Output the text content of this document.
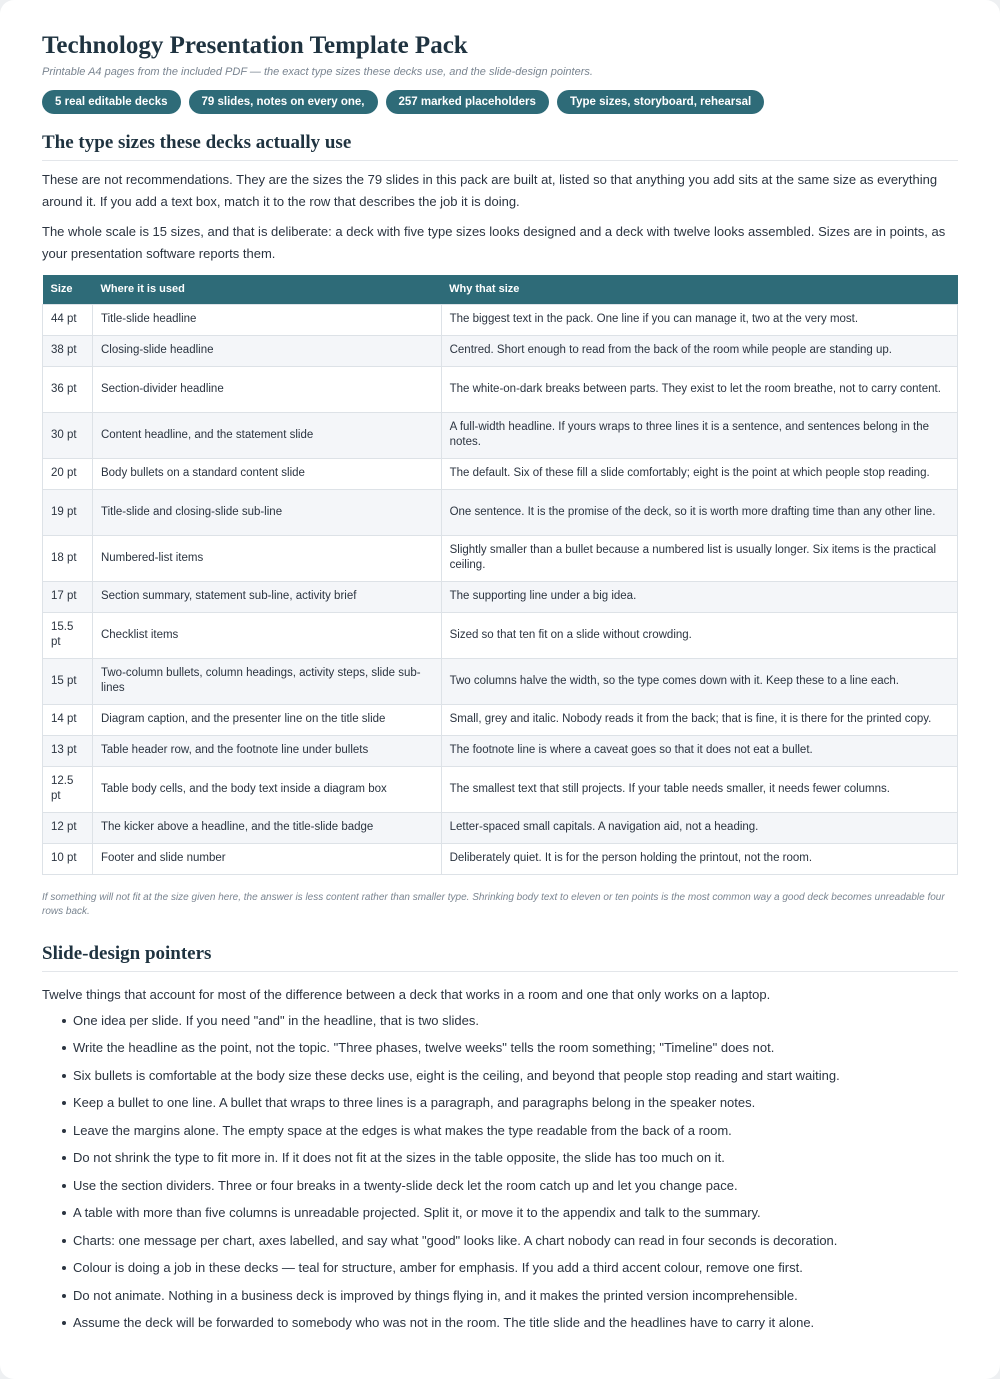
Technology Presentation Template Pack
Printable A4 pages from the included PDF — the exact type sizes these decks use, and the slide-design pointers.
5 real editable decks	79 slides, notes on every one,	257 marked placeholders	Type sizes, storyboard, rehearsal
The type sizes these decks actually use

These are not recommendations. They are the sizes the 79 slides in this pack are built at, listed so that anything you add sits at the same size as everything around it. If you add a text box, match it to the row that describes the job it is doing.

The whole scale is 15 sizes, and that is deliberate: a deck with five type sizes looks designed and a deck with twelve looks assembled. Sizes are in points, as your presentation software reports them.

Size	Where it is used	Why that size
44 pt	Title-slide headline	The biggest text in the pack. One line if you can manage it, two at the very most.
38 pt	Closing-slide headline	Centred. Short enough to read from the back of the room while people are standing up.
36 pt	Section-divider headline	The white-on-dark breaks between parts. They exist to let the room breathe, not to carry content.
30 pt	Content headline, and the statement slide	A full-width headline. If yours wraps to three lines it is a sentence, and sentences belong in the notes.
20 pt	Body bullets on a standard content slide	The default. Six of these fill a slide comfortably; eight is the point at which people stop reading.
19 pt	Title-slide and closing-slide sub-line	One sentence. It is the promise of the deck, so it is worth more drafting time than any other line.
18 pt	Numbered-list items	Slightly smaller than a bullet because a numbered list is usually longer. Six items is the practical ceiling.
17 pt	Section summary, statement sub-line, activity brief	The supporting line under a big idea.
15.5 pt	Checklist items	Sized so that ten fit on a slide without crowding.
15 pt	Two-column bullets, column headings, activity steps, slide sub-lines	Two columns halve the width, so the type comes down with it. Keep these to a line each.
14 pt	Diagram caption, and the presenter line on the title slide	Small, grey and italic. Nobody reads it from the back; that is fine, it is there for the printed copy.
13 pt	Table header row, and the footnote line under bullets	The footnote line is where a caveat goes so that it does not eat a bullet.
12.5 pt	Table body cells, and the body text inside a diagram box	The smallest text that still projects. If your table needs smaller, it needs fewer columns.
12 pt	The kicker above a headline, and the title-slide badge	Letter-spaced small capitals. A navigation aid, not a heading.
10 pt	Footer and slide number	Deliberately quiet. It is for the person holding the printout, not the room.

If something will not fit at the size given here, the answer is less content rather than smaller type. Shrinking body text to eleven or ten points is the most common way a good deck becomes unreadable four rows back.

Slide-design pointers

Twelve things that account for most of the difference between a deck that works in a room and one that only works on a laptop.

One idea per slide. If you need "and" in the headline, that is two slides.
Write the headline as the point, not the topic. "Three phases, twelve weeks" tells the room something; "Timeline" does not.
Six bullets is comfortable at the body size these decks use, eight is the ceiling, and beyond that people stop reading and start waiting.
Keep a bullet to one line. A bullet that wraps to three lines is a paragraph, and paragraphs belong in the speaker notes.
Leave the margins alone. The empty space at the edges is what makes the type readable from the back of a room.
Do not shrink the type to fit more in. If it does not fit at the sizes in the table opposite, the slide has too much on it.
Use the section dividers. Three or four breaks in a twenty-slide deck let the room catch up and let you change pace.
A table with more than five columns is unreadable projected. Split it, or move it to the appendix and talk to the summary.
Charts: one message per chart, axes labelled, and say what "good" looks like. A chart nobody can read in four seconds is decoration.
Colour is doing a job in these decks — teal for structure, amber for emphasis. If you add a third accent colour, remove one first.
Do not animate. Nothing in a business deck is improved by things flying in, and it makes the printed version incomprehensible.
Assume the deck will be forwarded to somebody who was not in the room. The title slide and the headlines have to carry it alone.
